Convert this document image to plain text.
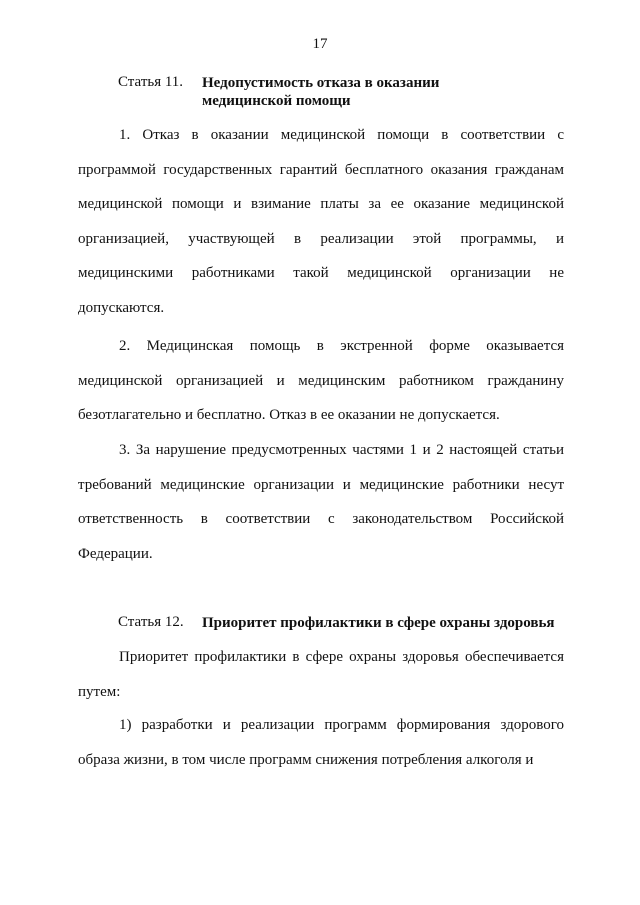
17
Статья 11.	Недопустимость отказа в оказании
медицинской помощи

1. Отказ в оказании медицинской помощи в соответствии с программой государственных гарантий бесплатного оказания гражданам медицинской помощи и взимание платы за ее оказание медицинской организацией, участвующей в реализации этой программы, и медицинскими работниками такой медицинской организации не допускаются.

2. Медицинская помощь в экстренной форме оказывается медицинской организацией и медицинским работником гражданину безотлагательно и бесплатно. Отказ в ее оказании не допускается.

3. За нарушение предусмотренных частями 1 и 2 настоящей статьи требований медицинские организации и медицинские работники несут ответственность в соответствии с законодательством Российской Федерации.

Статья 12.	Приоритет профилактики в сфере охраны здоровья

Приоритет профилактики в сфере охраны здоровья обеспечивается путем:

1) разработки и реализации программ формирования здорового образа жизни, в том числе программ снижения потребления алкоголя и
